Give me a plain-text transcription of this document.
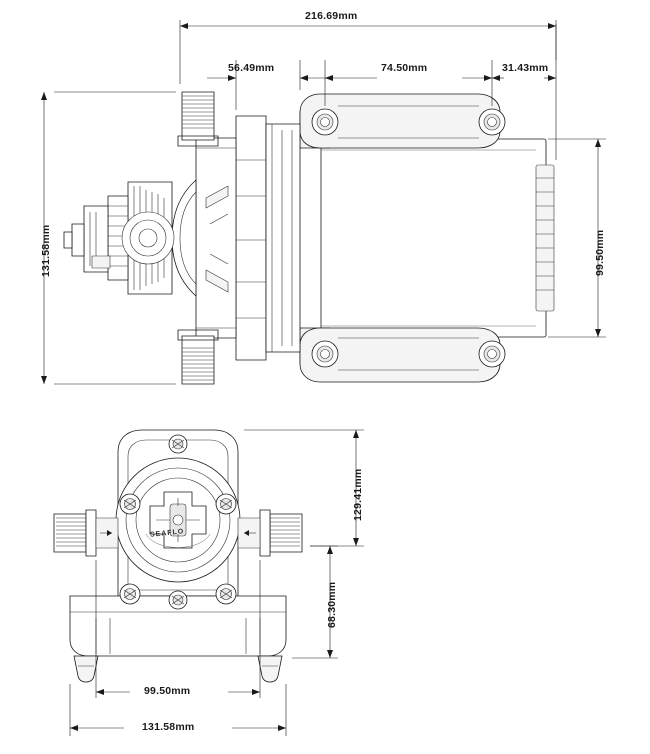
216.69mm
56.49mm	74.50mm	31.43mm
131.58mm	99.50mm
129.41mm
68.30mm
99.50mm
131.58mm
SEAFLO
